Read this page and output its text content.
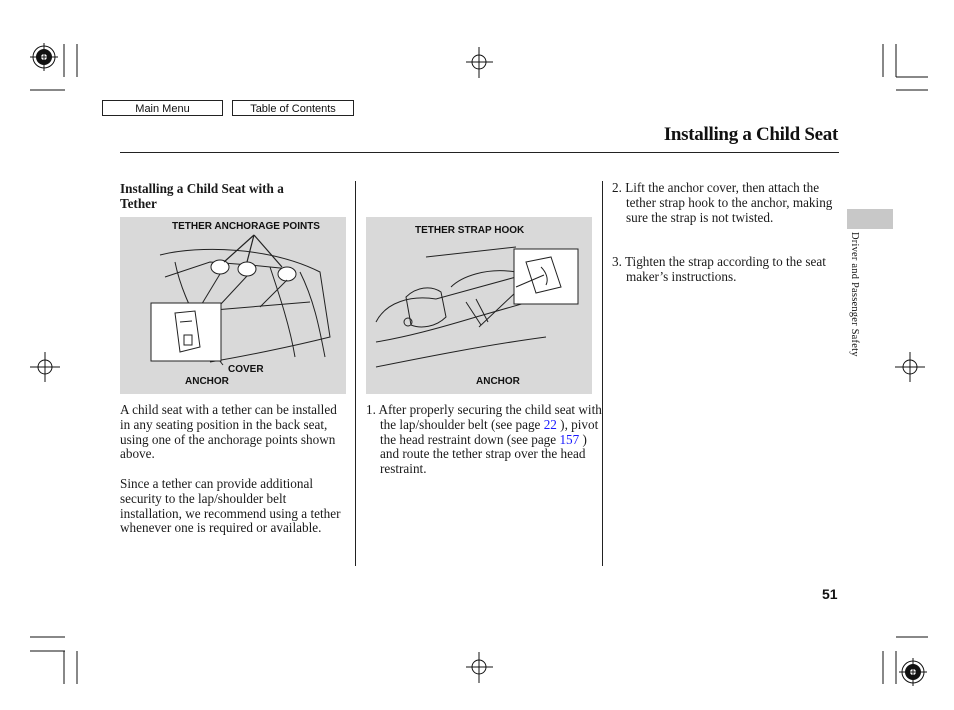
Main Menu	Table of Contents
Installing a Child Seat
Installing a Child Seat with a Tether
TETHER ANCHORAGE POINTS
COVER
ANCHOR
A child seat with a tether can be installed in any seating position in the back seat, using one of the anchorage points shown above.
Since a tether can provide additional security to the lap/shoulder belt installation, we recommend using a tether whenever one is required or available.
TETHER STRAP HOOK
ANCHOR
1. After properly securing the child seat with the lap/shoulder belt (see page 22 ), pivot the head restraint down (see page 157 ) and route the tether strap over the head restraint.
2. Lift the anchor cover, then attach the tether strap hook to the anchor, making sure the strap is not twisted.
3. Tighten the strap according to the seat maker’s instructions.	Driver and Passenger Safety
51
